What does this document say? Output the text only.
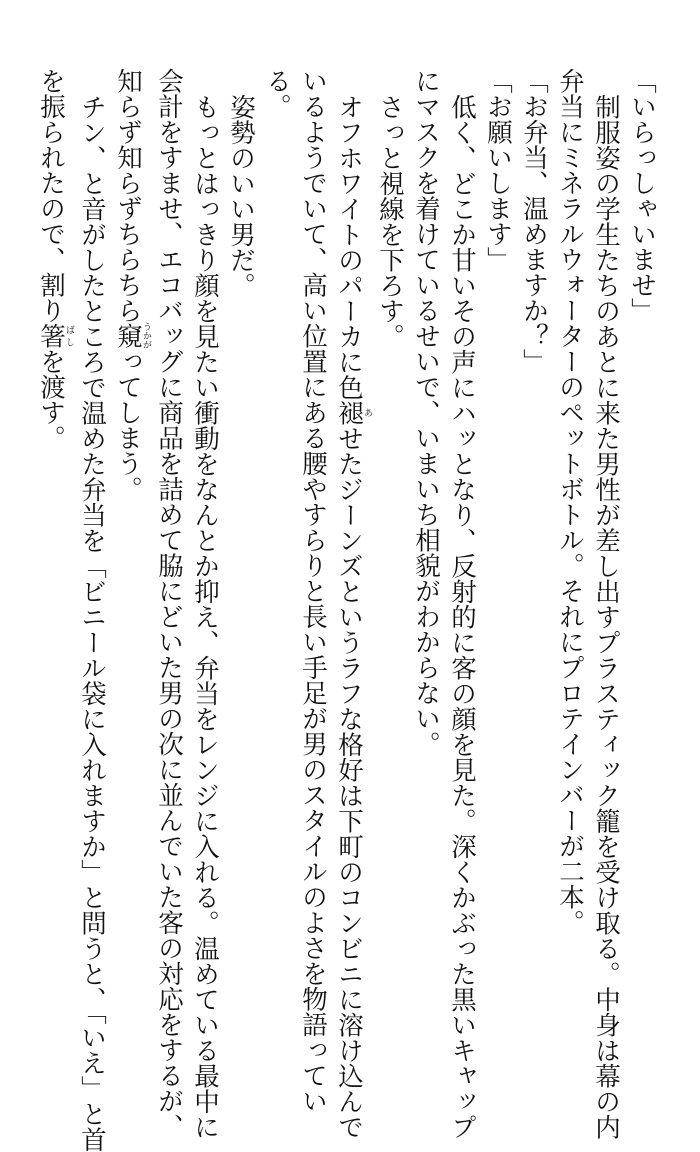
「いらっしゃいませ」
制服姿の学生たちのあとに来た男性が差し出すプラスティック籠を受け取る。中身は幕の内
弁当にミネラルウォーターのペットボトル。それにプロテインバーが二本。
「お弁当、温めますか？」
「お願いします」
低く、どこか甘いその声にハッとなり、反射的に客の顔を見た。深くかぶった黒いキャップ
にマスクを着けているせいで、いまいち相貌がわからない。
さっと視線を下ろす。
オフホワイトのパーカに色褪あせたジーンズというラフな格好は下町のコンビニに溶け込んで
いるようでいて、高い位置にある腰やすらりと長い手足が男のスタイルのよさを物語ってい
る。
姿勢のいい男だ。
もっとはっきり顔を見たい衝動をなんとか抑え、弁当をレンジに入れる。温めている最中に
会計をすませ、エコバッグに商品を詰めて脇にどいた男の次に並んでいた客の対応をするが、
知らず知らずちらちら窺うかがってしまう。
チン、と音がしたところで温めた弁当を「ビニール袋に入れますか」と問うと、「いえ」と首
を振られたので、割り箸ばしを渡す。
